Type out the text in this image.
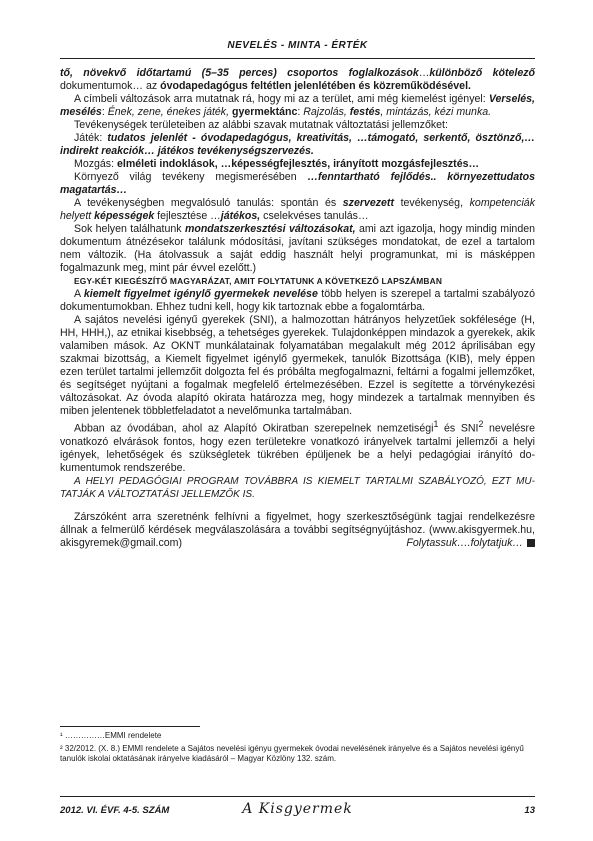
NEVELÉS - MINTA - ÉRTÉK

tő, növekvő időtartamú (5–35 perces) csoportos foglalkozások…különböző kötelező dokumentumok… az óvodapedagógus feltétlen jelenlétében és közreműködésével.

A címbeli változások arra mutatnak rá, hogy mi az a terület, ami még kiemelést igényel: Verselés, mesélés: Ének, zene, énekes játék, gyermektánc: Rajzolás, festés, mintázás, kézi munka.

Tevékenységek területeiben az alábbi szavak mutatnak változtatási jellemzőket:

Játék: tudatos jelenlét - óvodapedagógus, kreativitás, …támogató, serkentő, ösztönző,… indirekt reakciók… játékos tevékenységszervezés.

Mozgás: elméleti indoklások, …képességfejlesztés, irányított mozgásfejlesztés…

Környező világ tevékeny megismerésében …fenntartható fejlődés.. környezettudatos magatartás…

A tevékenységben megvalósuló tanulás: spontán és szervezett tevékenység, kompetenciák helyett képességek fejlesztése …játékos, cselekvéses tanulás…

Sok helyen találhatunk mondatszerkesztési változásokat, ami azt igazolja, hogy mindig minden dokumentum átnézésekor találunk módosítási, javítani szükséges mondatokat, de ezel a tartalom nem változik. (Ha átolvassuk a saját eddig használt helyi programunkat, mi is másképpen fogalmazunk meg, mint pár évvel ezelőtt.)

EGY-KÉT KIEGÉSZÍTŐ MAGYARÁZAT, AMIT FOLYTATUNK A KÖVETKEZŐ LAPSZÁMBAN

A kiemelt figyelmet igénylő gyermekek nevelése több helyen is szerepel a tartalmi szabályozó dokumentumokban. Ehhez tudni kell, hogy kik tartoznak ebbe a fogalomtárba.

A sajátos nevelési igényű gyerekek (SNI), a halmozottan hátrányos helyzetűek sokfélesége (H, HH, HHH,), az etnikai kisebbség, a tehetséges gyerekek. Tulajdonképpen mindazok a gyerekek, akik valamiben mások. Az OKNT munkálatainak folyamatában megalakult még 2012 áprilisában egy szakmai bizottság, a Kiemelt figyelmet igénylő gyermekek, tanulók Bizottsága (KIB), mely éppen ezen terület tartalmi jellemzőit dolgozta fel és próbálta megfogalmazni, feltárni a fogalmi jellemzőket, és segítséget nyújtani a fogalmak megfelelő értelmezésében. Ezzel is segítette a törvénykezési változásokat. Az óvoda alapító okirata határozza meg, hogy mindezek a tartalmak mennyiben és miben jelentenek többletfeladatot a nevelőmunka tartalmában.

Abban az óvodában, ahol az Alapító Okiratban szerepelnek nemzetiségi$^1$ és SNI$^2$ nevelésre vonatkozó elvárások fontos, hogy ezen területekre vonatkozó irányelvek tartalmi jellemzői a helyi igények, lehetőségek és szükségletek tükrében épüljenek be a helyi pedagógiai irányító dokumentumok rendszerébe.

A HELYI PEDAGÓGIAI PROGRAM TOVÁBBRA IS KIEMELT TARTALMI SZABÁLYOZÓ, EZT MUTATJÁK A VÁLTOZTATÁSI JELLEMZŐK IS.

Zárszóként arra szeretnénk felhívni a figyelmet, hogy szerkesztőségünk tagjai rendelkezésre állnak a felmerülő kérdések megválaszolására a további segítségnyújtáshoz. (www.akisgyermek.hu, akisgyremek@gmail.com)	Folytassuk….folytatjuk…

¹ ……………EMMI rendelete
² 32/2012. (X. 8.) EMMI rendelete a Sajátos nevelési igényu gyermekek óvodai nevelésének irányelve és a Sajátos nevelési igényű tanulók iskolai oktatásának irányelve kiadásáról – Magyar Közlöny 132. szám.
2012. VI. ÉVF. 4-5. SZÁM	A Kisgyermek	13
